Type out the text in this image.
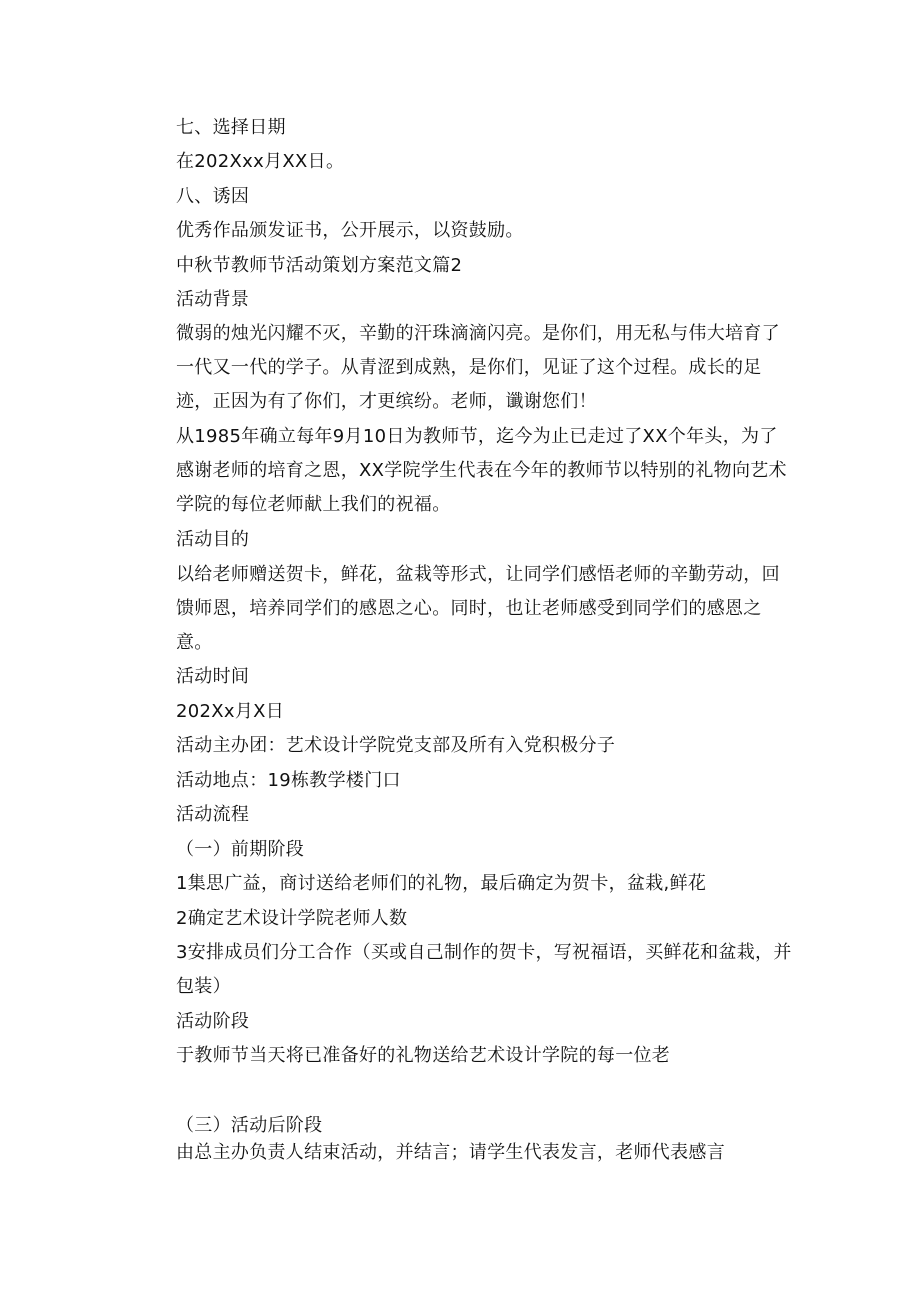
七、选择日期
在202Xxx月XX日。
八、诱因
优秀作品颁发证书，公开展示，以资鼓励。
中秋节教师节活动策划方案范文篇2
活动背景
微弱的烛光闪耀不灭，辛勤的汗珠滴滴闪亮。是你们，用无私与伟大培育了一代又一代的学子。从青涩到成熟，是你们，见证了这个过程。成长的足迹，正因为有了你们，才更缤纷。老师，谶谢您们！
从1985年确立每年9月10日为教师节，迄今为止已走过了XX个年头，为了感谢老师的培育之恩，XX学院学生代表在今年的教师节以特别的礼物向艺术学院的每位老师献上我们的祝福。
活动目的
以给老师赠送贺卡，鲜花，盆栽等形式，让同学们感悟老师的辛勤劳动，回馈师恩，培养同学们的感恩之心。同时，也让老师感受到同学们的感恩之意。
活动时间
202Xx月X日
活动主办团：艺术设计学院党支部及所有入党积极分子
活动地点：19栋教学楼门口
活动流程
（一）前期阶段
1集思广益，商讨送给老师们的礼物，最后确定为贺卡，盆栽,鲜花
2确定艺术设计学院老师人数
3安排成员们分工合作（买或自己制作的贺卡，写祝福语，买鲜花和盆栽，并包装）
活动阶段
于教师节当天将已准备好的礼物送给艺术设计学院的每一位老
（三）活动后阶段
由总主办负责人结束活动，并结言；请学生代表发言，老师代表感言
